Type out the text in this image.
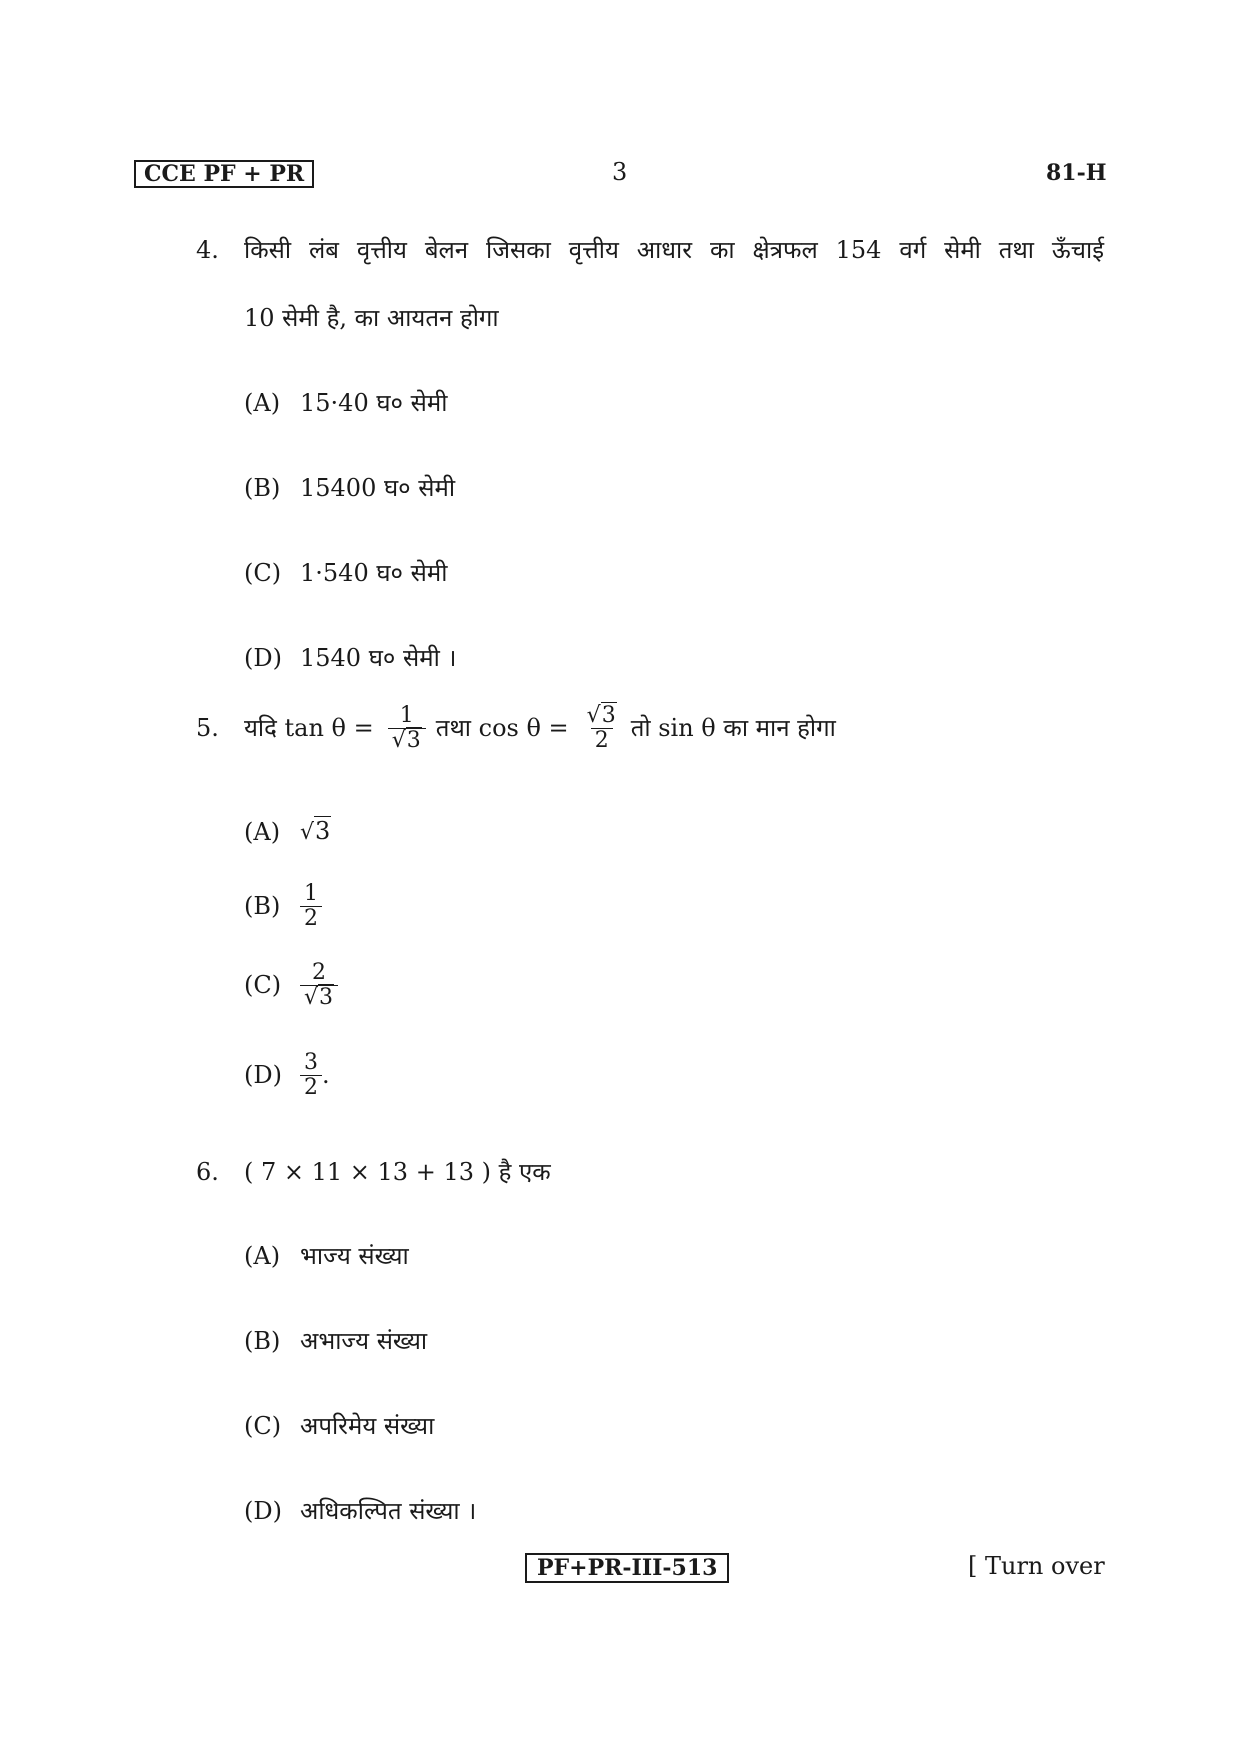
CCE PF + PR	3	81-H
4. किसी लंब वृत्तीय बेलन जिसका वृत्तीय आधार का क्षेत्रफल 154 वर्ग सेमी तथा ऊँचाई
10 सेमी है, का आयतन होगा
(A) 15·40 घ० सेमी
(B) 15400 घ० सेमी
(C) 1·540 घ० सेमी
(D) 1540 घ० सेमी ।
5. यदि $\tan \theta = \frac{1}{√3}$ तथा $\cos \theta = \frac{√3}{2}$ तो sin θ का मान होगा
(A) √3
$(B) \frac{1}{2}$
$(C) \frac{2}{√3}$
$(D) \frac{3}{2}$ .
6. ( 7 × 11 × 13 + 13 ) है एक
(A) भाज्य संख्या
(B) अभाज्य संख्या
(C) अपरिमेय संख्या
(D) अधिकल्पित संख्या ।
PF+PR-III-513	[ Turn over
